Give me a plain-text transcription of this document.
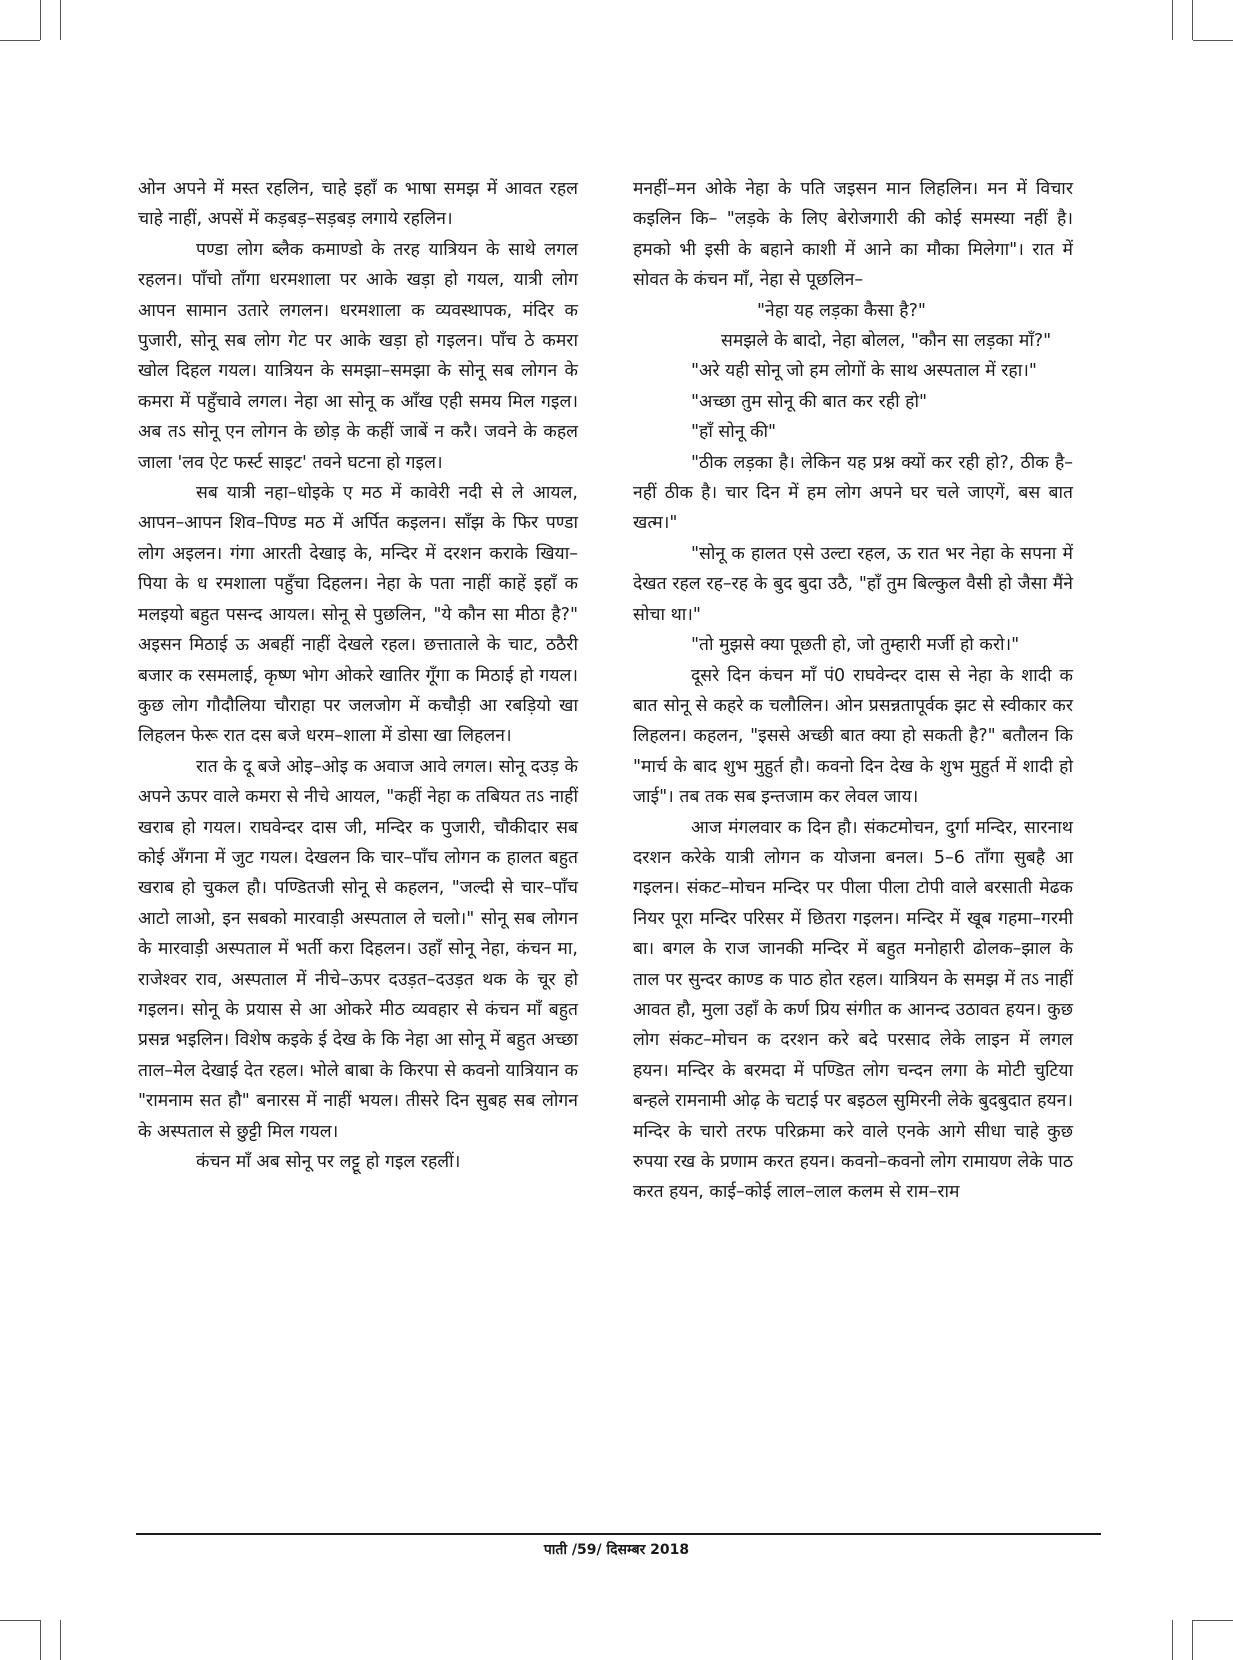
ओन अपने में मस्त रहलिन, चाहे इहाँ क भाषा समझ में आवत रहल चाहे नाहीं, अपसें में कड़बड़–सड़बड़ लगाये रहलिन।

पण्डा लोग ब्लैक कमाण्डो के तरह यात्रियन के साथे लगल रहलन। पाँचो ताँगा धरमशाला पर आके खड़ा हो गयल, यात्री लोग आपन सामान उतारे लगलन। धरमशाला क व्यवस्थापक, मंदिर क पुजारी, सोनू सब लोग गेट पर आके खड़ा हो गइलन। पाँच ठे कमरा खोल दिहल गयल। यात्रियन के समझा–समझा के सोनू सब लोगन के कमरा में पहुँचावे लगल। नेहा आ सोनू क आँख एही समय मिल गइल। अब तऽ सोनू एन लोगन के छोड़ के कहीं जाबें न करै। जवने के कहल जाला 'लव ऐट फर्स्ट साइट' तवने घटना हो गइल।

सब यात्री नहा–धोइके ए मठ में कावेरी नदी से ले आयल, आपन–आपन शिव–पिण्ड मठ में अर्पित कइलन। साँझ के फिर पण्डा लोग अइलन। गंगा आरती देखाइ के, मन्दिर में दरशन कराके खिया–पिया के ध रमशाला पहुँचा दिहलन। नेहा के पता नाहीं काहें इहाँ क मलइयो बहुत पसन्द आयल। सोनू से पुछलिन, "ये कौन सा मीठा है?" अइसन मिठाई ऊ अबहीं नाहीं देखले रहल। छत्ताताले के चाट, ठठैरी बजार क रसमलाई, कृष्ण भोग ओकरे खातिर गूँगा क मिठाई हो गयल। कुछ लोग गौदौलिया चौराहा पर जलजोग में कचौड़ी आ रबड़ियो खा लिहलन फेरू रात दस बजे धरम–शाला में डोसा खा लिहलन।

रात के दू बजे ओइ–ओइ क अवाज आवे लगल। सोनू दउड़ के अपने ऊपर वाले कमरा से नीचे आयल, "कहीं नेहा क तबियत तऽ नाहीं खराब हो गयल। राघवेन्दर दास जी, मन्दिर क पुजारी, चौकीदार सब कोई अँगना में जुट गयल। देखलन कि चार–पाँच लोगन क हालत बहुत खराब हो चुकल हौ। पण्डितजी सोनू से कहलन, "जल्दी से चार–पाँच आटो लाओ, इन सबको मारवाड़ी अस्पताल ले चलो।" सोनू सब लोगन के मारवाड़ी अस्पताल में भर्ती करा दिहलन। उहाँ सोनू नेहा, कंचन मा, राजेश्वर राव, अस्पताल में नीचे–ऊपर दउड़त–दउड़त थक के चूर हो गइलन। सोनू के प्रयास से आ ओकरे मीठ व्यवहार से कंचन माँ बहुत प्रसन्न भइलिन। विशेष कइके ई देख के कि नेहा आ सोनू में बहुत अच्छा ताल–मेल देखाई देत रहल। भोले बाबा के किरपा से कवनो यात्रियान क "रामनाम सत हौ" बनारस में नाहीं भयल। तीसरे दिन सुबह सब लोगन के अस्पताल से छुट्टी मिल गयल।

कंचन माँ अब सोनू पर लट्टू हो गइल रहलीं।

मनहीं–मन ओके नेहा के पति जइसन मान लिहलिन। मन में विचार कइलिन कि– "लड़के के लिए बेरोजगारी की कोई समस्या नहीं है। हमको भी इसी के बहाने काशी में आने का मौका मिलेगा"। रात में सोवत के कंचन माँ, नेहा से पूछलिन–

"नेहा यह लड़का कैसा है?"

समझले के बादो, नेहा बोलल, "कौन सा लड़का माँ?"

"अरे यही सोनू जो हम लोगों के साथ अस्पताल में रहा।"

"अच्छा तुम सोनू की बात कर रही हो"

"हाँ सोनू की"

"ठीक लड़का है। लेकिन यह प्रश्न क्यों कर रही हो?, ठीक है– नहीं ठीक है। चार दिन में हम लोग अपने घर चले जाएगें, बस बात खत्म।"

"सोनू क हालत एसे उल्टा रहल, ऊ रात भर नेहा के सपना में देखत रहल रह–रह के बुद बुदा उठै, "हाँ तुम बिल्कुल वैसी हो जैसा मैंने सोचा था।"

"तो मुझसे क्या पूछती हो, जो तुम्हारी मर्जी हो करो।"

दूसरे दिन कंचन माँ पं0 राघवेन्दर दास से नेहा के शादी क बात सोनू से कहरे क चलौलिन। ओन प्रसन्नतापूर्वक झट से स्वीकार कर लिहलन। कहलन, "इससे अच्छी बात क्या हो सकती है?" बतौलन कि "मार्च के बाद शुभ मुहुर्त हौ। कवनो दिन देख के शुभ मुहुर्त में शादी हो जाई"। तब तक सब इन्तजाम कर लेवल जाय।

आज मंगलवार क दिन हौ। संकटमोचन, दुर्गा मन्दिर, सारनाथ दरशन करेके यात्री लोगन क योजना बनल। 5–6 ताँगा सुबहै आ गइलन। संकट–मोचन मन्दिर पर पीला पीला टोपी वाले बरसाती मेढक नियर पूरा मन्दिर परिसर में छितरा गइलन। मन्दिर में खूब गहमा–गरमी बा। बगल के राज जानकी मन्दिर में बहुत मनोहारी ढोलक–झाल के ताल पर सुन्दर काण्ड क पाठ होत रहल। यात्रियन के समझ में तऽ नाहीं आवत हौ, मुला उहाँ के कर्ण प्रिय संगीत क आनन्द उठावत हयन। कुछ लोग संकट–मोचन क दरशन करे बदे परसाद लेके लाइन में लगल हयन। मन्दिर के बरमदा में पण्डित लोग चन्दन लगा के मोटी चुटिया बन्हले रामनामी ओढ़ के चटाई पर बइठल सुमिरनी लेके बुदबुदात हयन। मन्दिर के चारो तरफ परिक्रमा करे वाले एनके आगे सीधा चाहे कुछ रुपया रख के प्रणाम करत हयन। कवनो–कवनो लोग रामायण लेके पाठ करत हयन, काई–कोई लाल–लाल कलम से राम–राम

पाती /59/ दिसम्बर 2018
